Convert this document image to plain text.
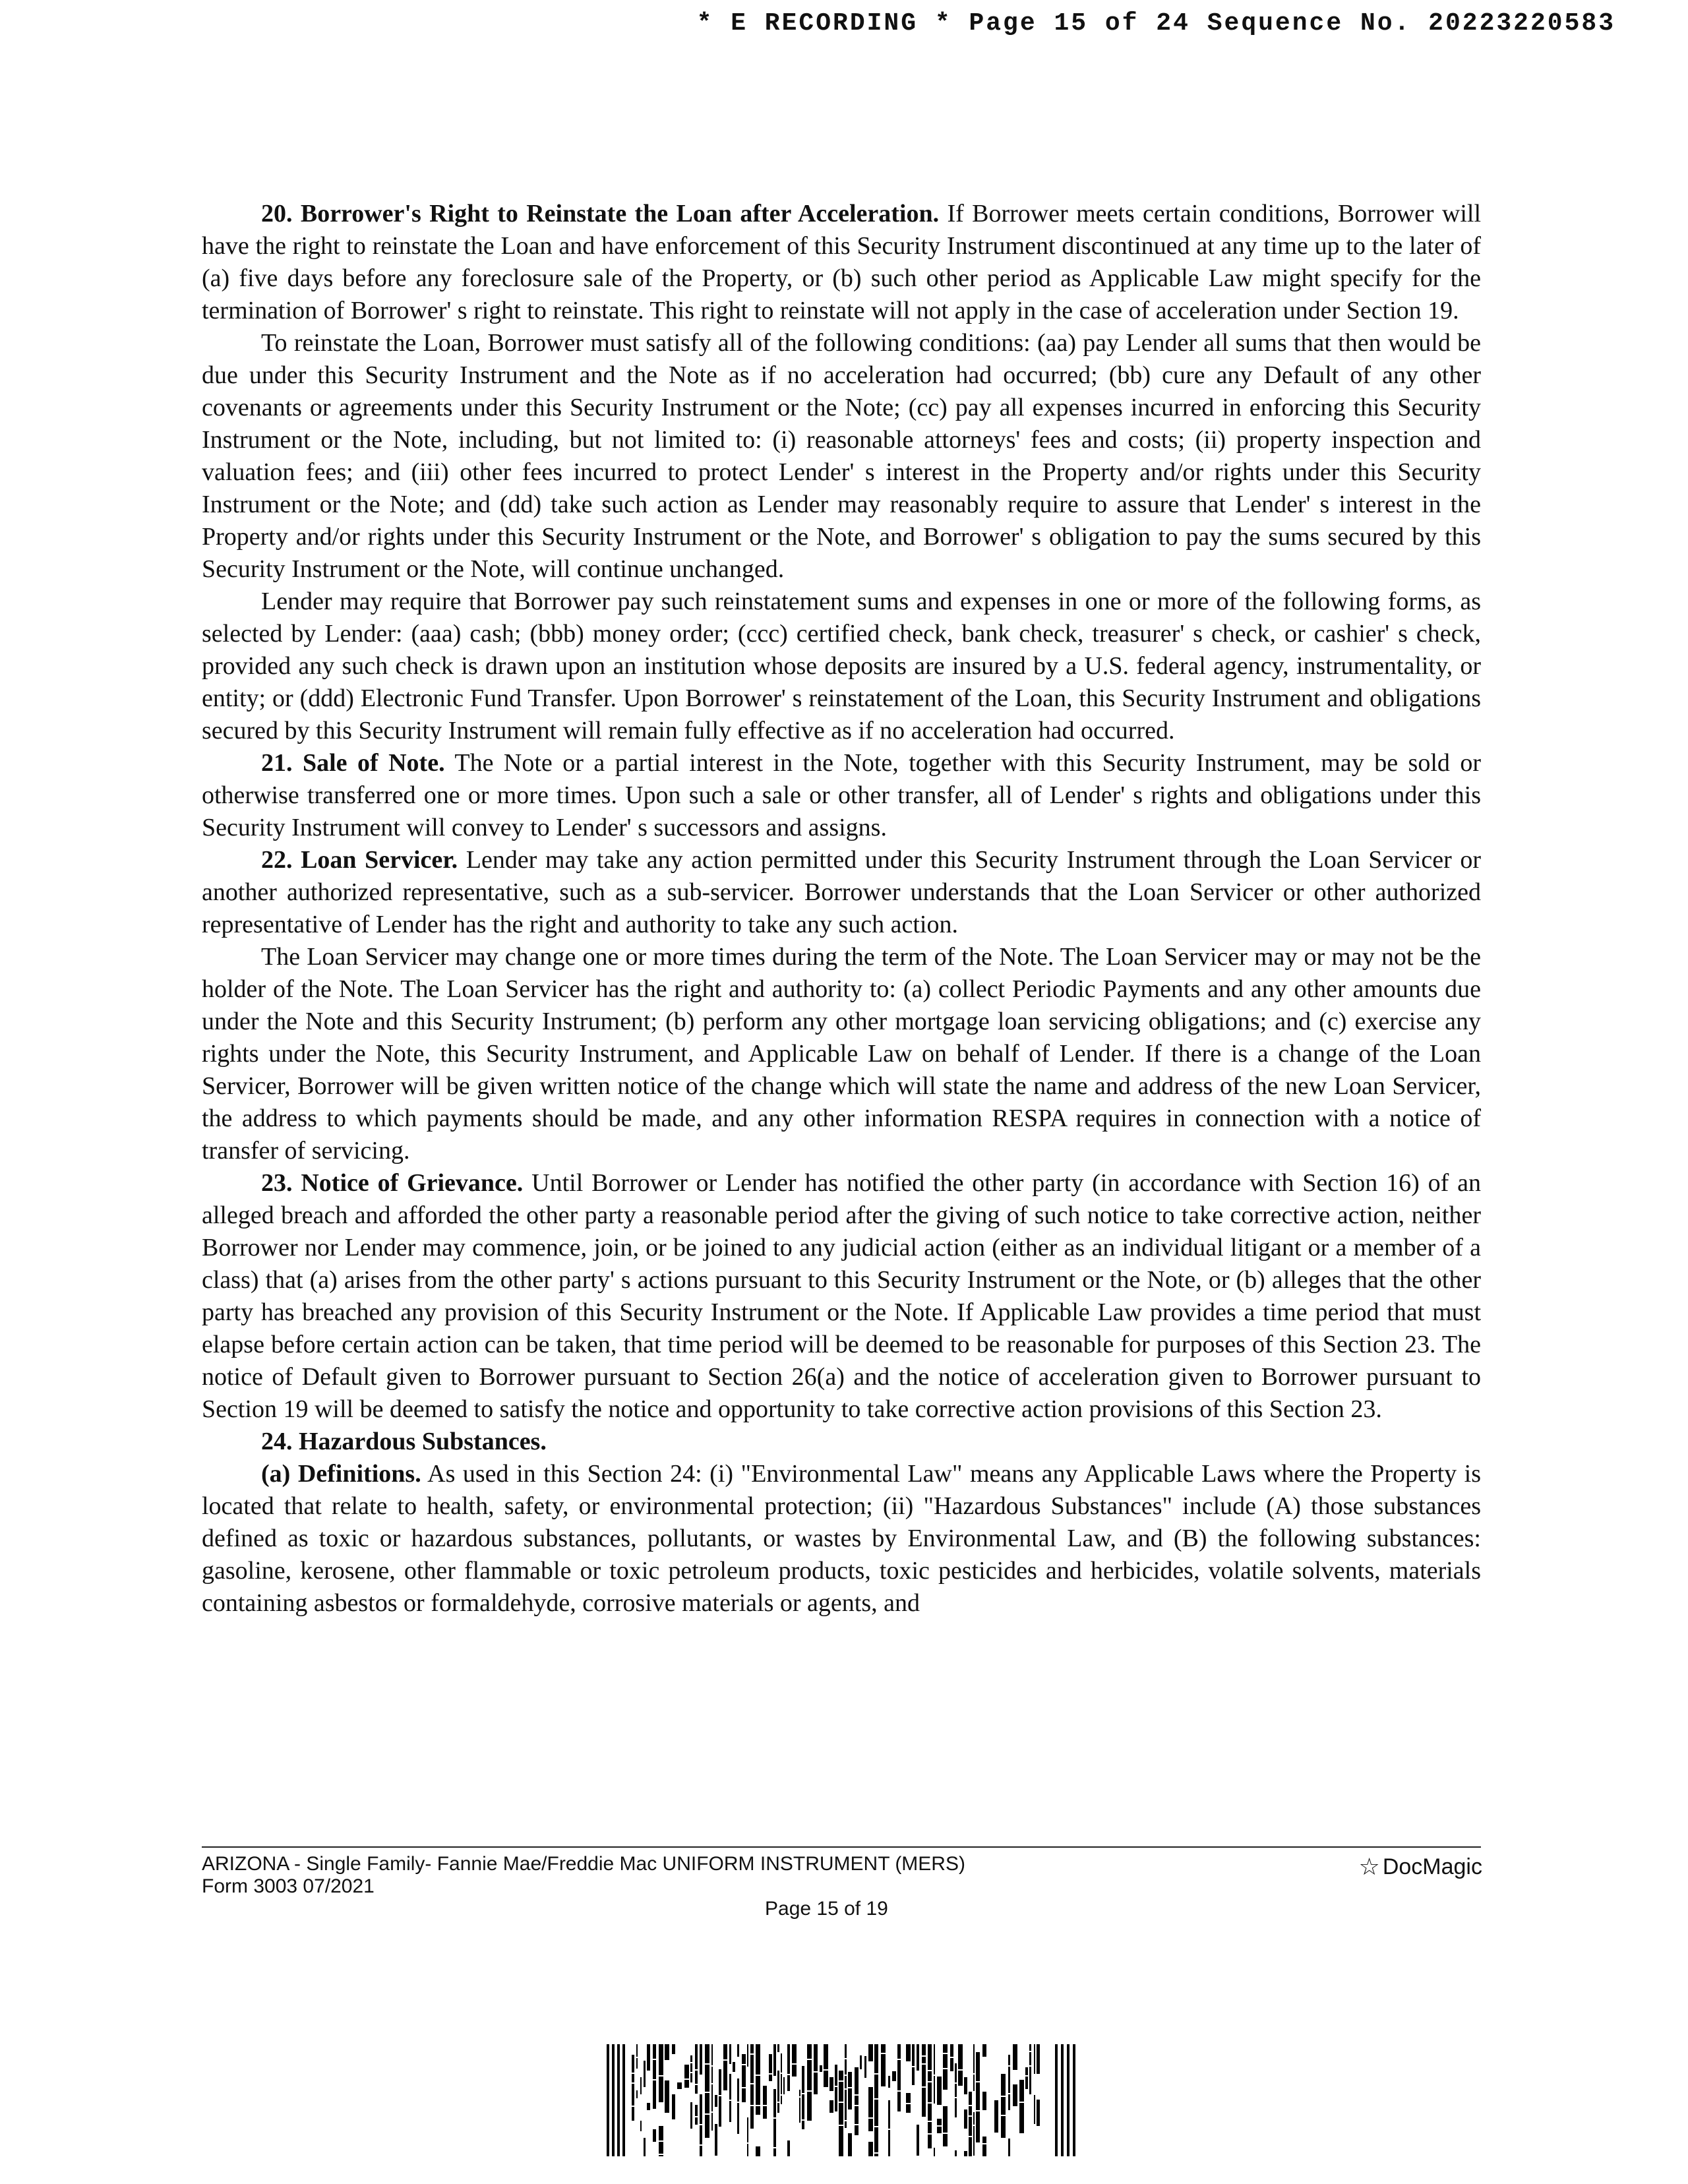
* E RECORDING * Page 15 of 24 Sequence No. 20223220583

20. Borrower's Right to Reinstate the Loan after Acceleration. If Borrower meets certain conditions, Borrower will have the right to reinstate the Loan and have enforcement of this Security Instrument discontinued at any time up to the later of (a) five days before any foreclosure sale of the Property, or (b) such other period as Applicable Law might specify for the termination of Borrower' s right to reinstate. This right to reinstate will not apply in the case of acceleration under Section 19.

To reinstate the Loan, Borrower must satisfy all of the following conditions: (aa) pay Lender all sums that then would be due under this Security Instrument and the Note as if no acceleration had occurred; (bb) cure any Default of any other covenants or agreements under this Security Instrument or the Note; (cc) pay all expenses incurred in enforcing this Security Instrument or the Note, including, but not limited to: (i) reasonable attorneys' fees and costs; (ii) property inspection and valuation fees; and (iii) other fees incurred to protect Lender' s interest in the Property and/or rights under this Security Instrument or the Note; and (dd) take such action as Lender may reasonably require to assure that Lender' s interest in the Property and/or rights under this Security Instrument or the Note, and Borrower' s obligation to pay the sums secured by this Security Instrument or the Note, will continue unchanged.

Lender may require that Borrower pay such reinstatement sums and expenses in one or more of the following forms, as selected by Lender: (aaa) cash; (bbb) money order; (ccc) certified check, bank check, treasurer' s check, or cashier' s check, provided any such check is drawn upon an institution whose deposits are insured by a U.S. federal agency, instrumentality, or entity; or (ddd) Electronic Fund Transfer. Upon Borrower' s reinstatement of the Loan, this Security Instrument and obligations secured by this Security Instrument will remain fully effective as if no acceleration had occurred.

21. Sale of Note. The Note or a partial interest in the Note, together with this Security Instrument, may be sold or otherwise transferred one or more times. Upon such a sale or other transfer, all of Lender' s rights and obligations under this Security Instrument will convey to Lender' s successors and assigns.

22. Loan Servicer. Lender may take any action permitted under this Security Instrument through the Loan Servicer or another authorized representative, such as a sub-servicer. Borrower understands that the Loan Servicer or other authorized representative of Lender has the right and authority to take any such action.

The Loan Servicer may change one or more times during the term of the Note. The Loan Servicer may or may not be the holder of the Note. The Loan Servicer has the right and authority to: (a) collect Periodic Payments and any other amounts due under the Note and this Security Instrument; (b) perform any other mortgage loan servicing obligations; and (c) exercise any rights under the Note, this Security Instrument, and Applicable Law on behalf of Lender. If there is a change of the Loan Servicer, Borrower will be given written notice of the change which will state the name and address of the new Loan Servicer, the address to which payments should be made, and any other information RESPA requires in connection with a notice of transfer of servicing.

23. Notice of Grievance. Until Borrower or Lender has notified the other party (in accordance with Section 16) of an alleged breach and afforded the other party a reasonable period after the giving of such notice to take corrective action, neither Borrower nor Lender may commence, join, or be joined to any judicial action (either as an individual litigant or a member of a class) that (a) arises from the other party' s actions pursuant to this Security Instrument or the Note, or (b) alleges that the other party has breached any provision of this Security Instrument or the Note. If Applicable Law provides a time period that must elapse before certain action can be taken, that time period will be deemed to be reasonable for purposes of this Section 23. The notice of Default given to Borrower pursuant to Section 26(a) and the notice of acceleration given to Borrower pursuant to Section 19 will be deemed to satisfy the notice and opportunity to take corrective action provisions of this Section 23.

24. Hazardous Substances.

(a) Definitions. As used in this Section 24: (i) "Environmental Law" means any Applicable Laws where the Property is located that relate to health, safety, or environmental protection; (ii) "Hazardous Substances" include (A) those substances defined as toxic or hazardous substances, pollutants, or wastes by Environmental Law, and (B) the following substances: gasoline, kerosene, other flammable or toxic petroleum products, toxic pesticides and herbicides, volatile solvents, materials containing asbestos or formaldehyde, corrosive materials or agents, and

ARIZONA - Single Family- Fannie Mae/Freddie Mac UNIFORM INSTRUMENT (MERS)
Form 3003 07/2021
☆ DocMagic
Page 15 of 19
